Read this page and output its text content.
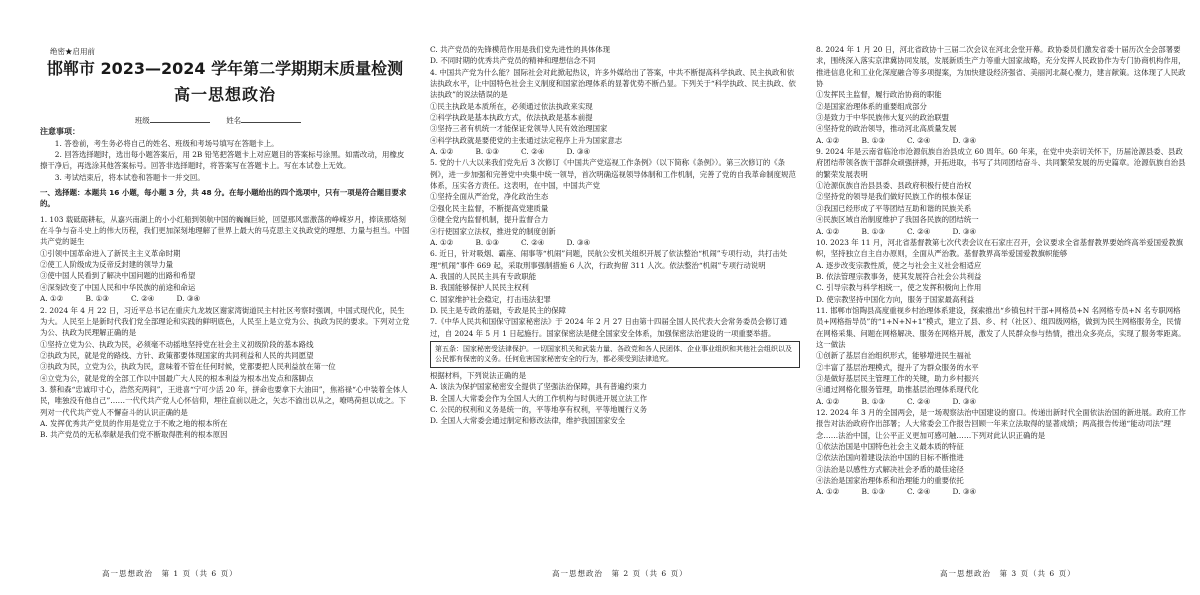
绝密★启用前
邯郸市 2023—2024 学年第二学期期末质量检测
高一思想政治
班级	姓名

注意事项：

1. 答卷前，考生务必将自己的姓名、班级和考场号填写在答题卡上。

2. 回答选择题时，选出每小题答案后，用 2B 铅笔把答题卡上对应题目的答案标号涂黑。如需改动，用橡皮擦干净后，再选涂其他答案标号。回答非选择题时，将答案写在答题卡上。写在本试卷上无效。

3. 考试结束后，将本试卷和答题卡一并交回。

一、选择题：本题共 16 小题，每小题 3 分，共 48 分。在每小题给出的四个选项中，只有一项是符合题目要求的。

1. 103 载砥砺耕耘，从嘉兴南湖上的小小红船到领航中国的巍巍巨轮，回望那风雷激荡的峥嵘岁月，捧读那烙刻在斗争与奋斗史上的伟大历程，我们更加深刻地理解了世界上最大的马克思主义执政党的理想、力量与担当。中国共产党的诞生

①引领中国革命进入了新民主主义革命时期

②使工人阶级成为反帝反封建的领导力量

③使中国人民看到了解决中国问题的出路和希望

④深刻改变了中国人民和中华民族的前途和命运

A. ①②　　　B. ①③　　　C. ②④　　　D. ③④

2. 2024 年 4 月 22 日，习近平总书记在重庆九龙坡区谢家湾街道民主村社区考察时强调，中国式现代化，民生为大。人民至上是新时代我们党全部理论和实践的鲜明底色，人民至上是立党为公、执政为民的要求。下列对立党为公、执政为民理解正确的是

①坚持立党为公、执政为民，必须毫不动摇地坚持党在社会主义初级阶段的基本路线

②执政为民，就是党的路线、方针、政策都要体现国家的共同利益和人民的共同愿望

③执政为民，立党为公，执政为民，意味着不管在任何时候，党都要把人民利益放在第一位

④立党为公，就是党的全部工作以中国最广大人民的根本利益为根本出发点和落脚点

3. 蔡和森“忠诚印寸心，浩然充两间”，王进喜“宁可少活 20 年，拼命也要拿下大油田”，焦裕禄“心中装着全体人民，唯独没有他自己”……一代代共产党人心怀信仰，埋往直前以赴之，矢志不渝出以从之，嘹鸣荷担以成之。下列对一代代共产党人不懈奋斗的认识正确的是

A. 发挥优秀共产党员的作用是党立于不败之地的根本所在

B. 共产党员的无私奉献是我们党不断取得胜利的根本原因

C. 共产党员的先锋模范作用是我们党先进性的具体体现

D. 不同时期的优秀共产党员的精神和理想信念不同

4. 中国共产党为什么能？国际社会对此掀起热议，许多外媒给出了答案，中共不断提高科学执政、民主执政和依法执政水平，让中国特色社会主义制度和国家治理体系的显著优势不断凸显。下列关于“科学执政、民主执政、依法执政”的说法错误的是

①民主执政是本质所在，必须通过依法执政来实现

②科学执政是基本执政方式，依法执政是基本前提

③坚持三者有机统一才能保证党领导人民有效治理国家

④科学执政就是要使党的主张通过法定程序上升为国家意志

A. ①②　　　B. ①③　　　C. ②④　　　D. ③④

5. 党的十八大以来我们党先后 3 次修订《中国共产党巡视工作条例》（以下简称《条例》）。第三次修订的《条例》，进一步加强和完善党中央集中统一领导，首次明确巡视领导体制和工作机制，完善了党的自我革命制度规范体系，压实各方责任。这表明，在中国，中国共产党

①坚持全面从严治党，净化政治生态

②强化民主监督，不断提高党建质量

③健全党内监督机制，提升监督合力

④行使国家立法权，推进党的制度创新

A. ①②　　　B. ①③　　　C. ②④　　　D. ③④

6. 近日，针对吸烟、霸座、闹事等“机闹”问题，民航公安机关组织开展了依法整治“机闹”专项行动，共打击处理“机闹”事件 669 起，采取刑事强制措施 6 人次，行政拘留 311 人次。依法整治“机闹”专项行动说明

A. 我国的人民民主具有专政职能

B. 我国能够保护人民民主权利

C. 国家维护社会稳定，打击违法犯罪

D. 民主是专政的基础，专政是民主的保障

7.《中华人民共和国保守国家秘密法》于 2024 年 2 月 27 日由第十四届全国人民代表大会常务委员会修订通过，自 2024 年 5 月 1 日起施行。国家保密法是健全国家安全体系，加强保密法治建设的一项重要举措。

第五条：国家秘密受法律保护。一切国家机关和武装力量、各政党和各人民团体、企业事业组织和其他社会组织以及公民都有保密的义务。任何危害国家秘密安全的行为，都必须受到法律追究。

根据材料，下列说法正确的是

A. 该法为保护国家秘密安全提供了坚强法治保障，具有普遍约束力

B. 全国人大常委会作为全国人大的工作机构与时俱进开展立法工作

C. 公民的权利和义务是统一的，平等地享有权利，平等地履行义务

D. 全国人大常委会通过制定和修改法律，维护我国国家安全

8. 2024 年 1 月 20 日，河北省政协十三届二次会议在河北会堂开幕。政协委员们激发省委十届历次全会部署要求，围绕深入落实京津冀协同发展，发展新质生产力等重大国家战略，充分发挥人民政协作为专门协商机构作用，推进信息化和工业化深度融合等多项提案，为加快建设经济强省、美丽河北凝心聚力，建言献策。这体现了人民政协

①发挥民主监督，履行政治协商的职能

②是国家治理体系的重要组成部分

③是致力于中华民族伟大复兴的政治联盟

④坚持党的政治领导，推动河北高质量发展

A. ①②　　　B. ①③　　　C. ②④　　　D. ③④

9. 2024 年是云南省临沧市沧源佤族自治县成立 60 周年。60 年来，在党中央亲切关怀下，历届沧源县委、县政府团结带领各族干部群众顽强拼搏，开拓进取，书写了共同团结奋斗、共同繁荣发展的历史篇章。沧源佤族自治县的繁荣发展表明

①沧源佤族自治县县委、县政府积极行使自治权

②坚持党的领导是我们做好民族工作的根本保证

③我国已经形成了平等团结互助和谐的民族关系

④民族区域自治制度维护了我国各民族的团结统一

A. ①②　　　B. ①③　　　C. ②④　　　D. ③④

10. 2023 年 11 月，河北省基督教第七次代表会议在石家庄召开，会议要求全省基督教界要始终高举爱国爱教旗帜，坚持独立自主自办原则，全面从严治教。基督教界高举爱国爱教旗帜能够

A. 逐步改变宗教性质，使之与社会主义社会相适应

B. 依法管理宗教事务，使其发展符合社会公共利益

C. 引导宗教与科学相统一，使之发挥积极向上作用

D. 使宗教坚持中国化方向，服务于国家最高利益

11. 邯郸市馆陶县高度重视乡村治理体系建设，探索推出“乡镇包村干部+网格员+N 名网格专员+N 名专职网格员+网格指导员”的“1+N+N+1”模式，建立了县、乡、村（社区）、组四级网格，做到为民生网格服务全，民情在网格采集、问题在网格解决、服务在网格开展，激发了人民群众参与热情，推出众多亮点，实现了服务零距离。这一做法

①创新了基层自治组织形式，能够增进民生福祉

②丰富了基层治理模式，提升了为群众服务的水平

③是做好基层民主管理工作的关键，助力乡村振兴

④通过网格化服务管理，助推基层治理体系现代化

A. ①②　　　B. ①③　　　C. ②④　　　D. ③④

12. 2024 年 3 月的全国两会，是一场观察法治中国建设的窗口。传递出新时代全面依法治国的新进展。政府工作报告对法治政府作出部署；人大常委会工作报告回顾一年来立法取得的显著成绩；两高报告传递“能动司法”理念……法治中国，让公平正义更加可感可触……下列对此认识正确的是

①依法治国是中国特色社会主义最本质的特征

②依法治国向着建设法治中国的目标不断推进

③法治是以感性方式解决社会矛盾的最佳途径

④法治是国家治理体系和治理能力的重要依托

A. ①②　　　B. ①③　　　C. ②④　　　D. ③④

高一思想政治　第 1 页（共 6 页）	高一思想政治　第 2 页（共 6 页）	高一思想政治　第 3 页（共 6 页）
